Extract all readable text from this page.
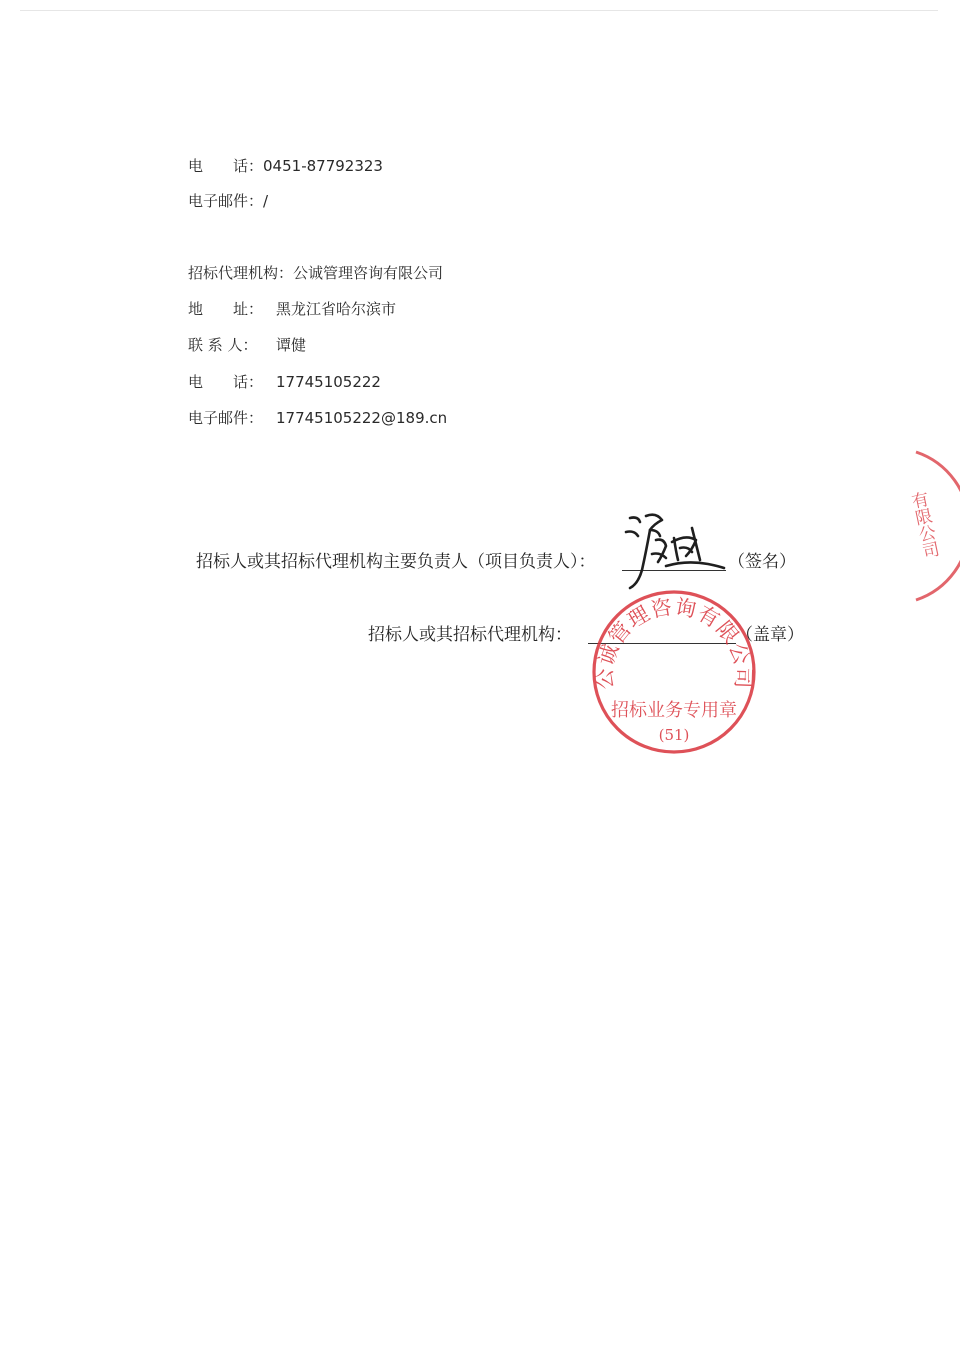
电　　话：0451-87792323
电子邮件：/
招标代理机构：公诚管理咨询有限公司
地　　址： 黑龙江省哈尔滨市
联 系 人： 谭健
电　　话： 17745105222
电子邮件： 17745105222@189.cn
招标人或其招标代理机构主要负责人（项目负责人）：	（签名）
招标人或其招标代理机构：	（盖章）
公诚管理咨询有限公司
招标业务专用章
(51)
有限公司
